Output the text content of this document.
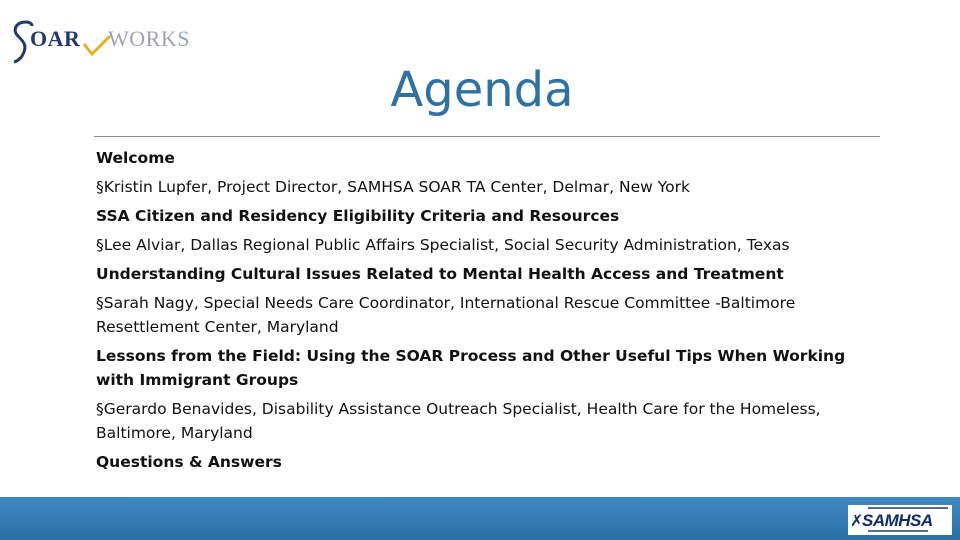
OAR WORKS
Agenda
Welcome
§Kristin Lupfer, Project Director, SAMHSA SOAR TA Center, Delmar, New York
SSA Citizen and Residency Eligibility Criteria and Resources
§Lee Alviar, Dallas Regional Public Affairs Specialist, Social Security Administration, Texas
Understanding Cultural Issues Related to Mental Health Access and Treatment
§Sarah Nagy, Special Needs Care Coordinator, International Rescue Committee -Baltimore Resettlement Center, Maryland
Lessons from the Field: Using the SOAR Process and Other Useful Tips When Working with Immigrant Groups
§Gerardo Benavides, Disability Assistance Outreach Specialist, Health Care for the Homeless, Baltimore, Maryland
Questions & Answers
✗
SAMHSA
